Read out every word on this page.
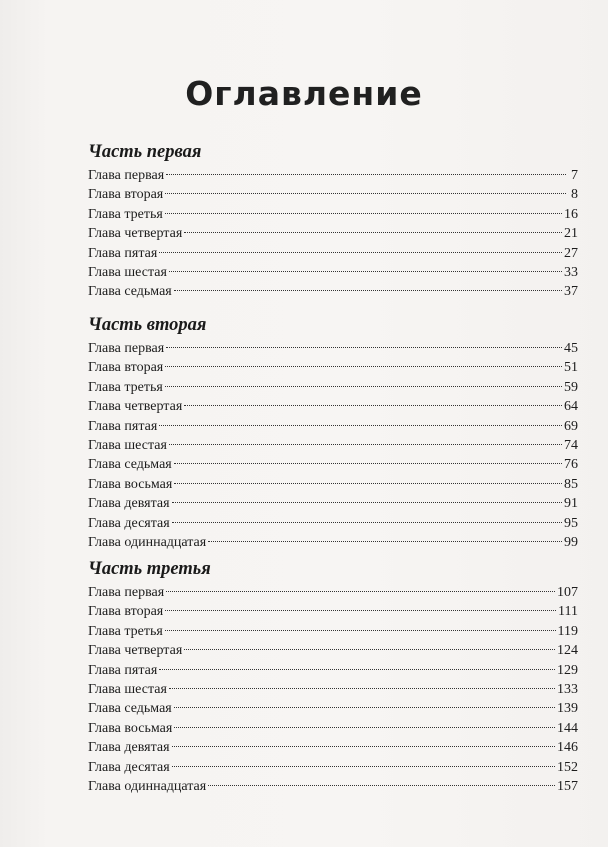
Оглавление
Часть первая
Глава первая	7
Глава вторая	8
Глава третья	16
Глава четвертая	21
Глава пятая	27
Глава шестая	33
Глава седьмая	37
Часть вторая
Глава первая	45
Глава вторая	51
Глава третья	59
Глава четвертая	64
Глава пятая	69
Глава шестая	74
Глава седьмая	76
Глава восьмая	85
Глава девятая	91
Глава десятая	95
Глава одиннадцатая	99
Часть третья
Глава первая	107
Глава вторая	111
Глава третья	119
Глава четвертая	124
Глава пятая	129
Глава шестая	133
Глава седьмая	139
Глава восьмая	144
Глава девятая	146
Глава десятая	152
Глава одиннадцатая	157
